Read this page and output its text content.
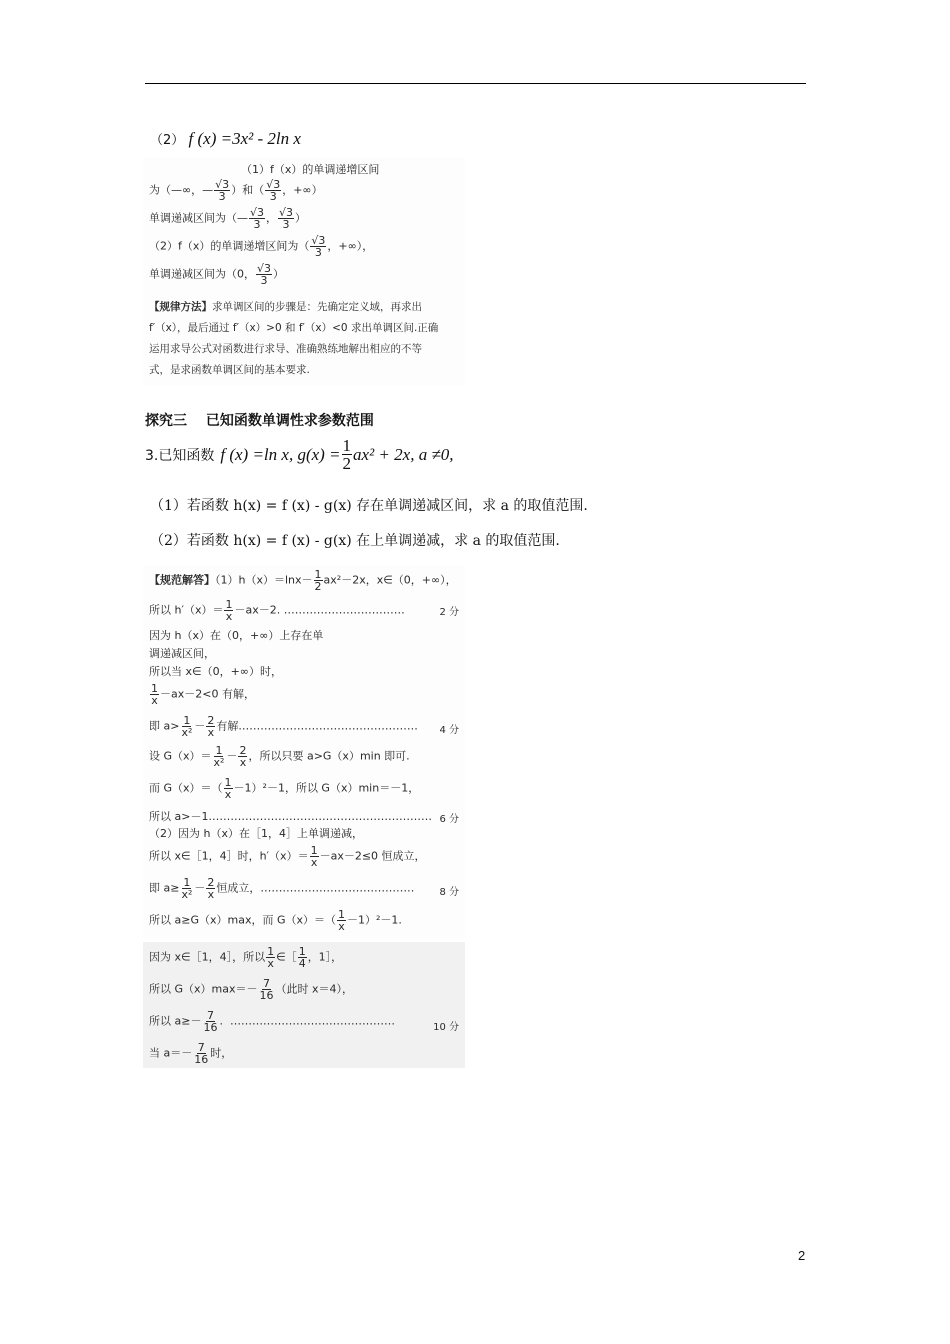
（2） f (x) =3x² - 2ln x
（1）f（x）的单调递增区间
为（—∞，— $\frac{√3}{3}$ ）和（ $\frac{√3}{3}$ ，+∞）
单调递减区间为（— $\frac{√3}{3}$ ， $\frac{√3}{3}$ ）
（2）f（x）的单调递增区间为（ $\frac{√3}{3}$ ，+∞），
单调递减区间为（0， $\frac{√3}{3}$ ）
【规律方法】求单调区间的步骤是：先确定定义域，再求出
f′（x），最后通过 f′（x）>0 和 f′（x）<0 求出单调区间.正确
运用求导公式对函数进行求导、准确熟练地解出相应的不等
式，是求函数单调区间的基本要求.
探究三　 已知函数单调性求参数范围
3.已知函数 f (x) =ln x, $g(x) = \frac{1}{2} ax^2 + 2x$, a ≠0,
（1）若函数 h(x) = f (x) - g(x) 存在单调递减区间，求 a 的取值范围.
（2）若函数 h(x) = f (x) - g(x) 在上单调递减，求 a 的取值范围.
【规范解答】$(1)h(x)=\ln x- \frac{1}{2} ax^2-2x$，x∈（0，+∞），
所以 $h'(x)= \frac{1}{x} -ax-2$. ……………………………	2 分
因为 h（x）在（0，+∞）上存在单
调递减区间，
所以当 x∈（0，+∞）时，
$\frac{1}{x} -ax-2<0$ 有解，
即 $a> \frac{1}{\text{x²}} - \frac{2}{x}$ 有解.………………………………………… 4 分
设 $G(x)= \frac{1}{\text{x²}} - \frac{2}{x}$ ，所以只要 a>G（x）min 即可.
而 $G(x)=( \frac{1}{x} -1)^2-1$，所以 G（x）min＝－1，
所以 a>－1.…………………………………………………… 6 分
（2）因为 h（x）在［1，4］上单调递减，
所以 x∈［1，4］时，$h'(x)= \frac{1}{x} -ax-2\le 0$ 恒成立，
即 $a\ge \frac{1}{\text{x²}} - \frac{2}{x}$ 恒成立，……………………………………	8 分
所以 a≥G（x）max，而 $G(x)=( \frac{1}{x} -1)^2-1$.
因为 x∈［1，4］，所以 $\frac{1}{x}$ ∈［ $\frac{1}{4}$ ，1］，
所以 $G(x)\max=- \frac{7}{16}$ （此时 x＝4），
所以 $a\ge- \frac{7}{16}$ . ………………………………………	10 分
当 $a=- \frac{7}{16}$ 时，
2
